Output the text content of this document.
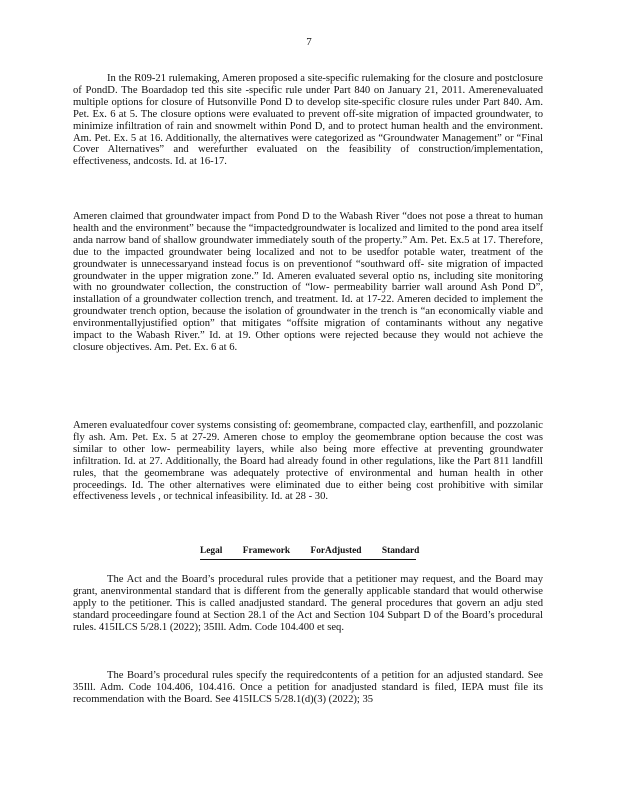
7

In the R09-21 rulemaking, Ameren proposed a site-specific rulemaking for the closure and postclosure of PondD. The Boardadop ted this site -specific rule under Part 840 on January 21, 2011. Amerenevaluated multiple options for closure of Hutsonville Pond D to develop site-specific closure rules under Part 840. Am. Pet. Ex. 6 at 5. The closure options were evaluated to prevent off-site migration of impacted groundwater, to minimize infiltration of rain and snowmelt within Pond D, and to protect human health and the environment. Am. Pet. Ex. 5 at 16. Additionally, the alternatives were categorized as “Groundwater Management” or “Final Cover Alternatives” and werefurther evaluated on the feasibility of construction/implementation, effectiveness, andcosts. Id. at 16-17.

Ameren claimed that groundwater impact from Pond D to the Wabash River “does not pose a threat to human health and the environment” because the “impactedgroundwater is localized and limited to the pond area itself anda narrow band of shallow groundwater immediately south of the property.” Am. Pet. Ex.5 at 17. Therefore, due to the impacted groundwater being localized and not to be usedfor potable water, treatment of the groundwater is unnecessaryand instead focus is on preventionof “southward off- site migration of impacted groundwater in the upper migration zone.” Id. Ameren evaluated several optio ns, including site monitoring with no groundwater collection, the construction of “low- permeability barrier wall around Ash Pond D”, installation of a groundwater collection trench, and treatment. Id. at 17-22. Ameren decided to implement the groundwater trench option, because the isolation of groundwater in the trench is “an economically viable and environmentallyjustified option” that mitigates “offsite migration of contaminants without any negative impact to the Wabash River.” Id. at 19. Other options were rejected because they would not achieve the closure objectives. Am. Pet. Ex. 6 at 6.

Ameren evaluatedfour cover systems consisting of: geomembrane, compacted clay, earthenfill, and pozzolanic fly ash. Am. Pet. Ex. 5 at 27-29. Ameren chose to employ the geomembrane option because the cost was similar to other low- permeability layers, while also being more effective at preventing groundwater infiltration. Id. at 27. Additionally, the Board had already found in other regulations, like the Part 811 landfill rules, that the geomembrane was adequately protective of environmental and human health in other proceedings. Id. The other alternatives were eliminated due to either being cost prohibitive with similar effectiveness levels , or technical infeasibility. Id. at 28 - 30.

Legal Framework ForAdjusted Standard

The Act and the Board’s procedural rules provide that a petitioner may request, and the Board may grant, anenvironmental standard that is different from the generally applicable standard that would otherwise apply to the petitioner. This is called anadjusted standard. The general procedures that govern an adju sted standard proceedingare found at Section 28.1 of the Act and Section 104 Subpart D of the Board’s procedural rules. 415ILCS 5/28.1 (2022); 35Ill. Adm. Code 104.400 et seq.

The Board’s procedural rules specify the requiredcontents of a petition for an adjusted standard. See 35Ill. Adm. Code 104.406, 104.416. Once a petition for anadjusted standard is filed, IEPA must file its recommendation with the Board. See 415ILCS 5/28.1(d)(3) (2022); 35
